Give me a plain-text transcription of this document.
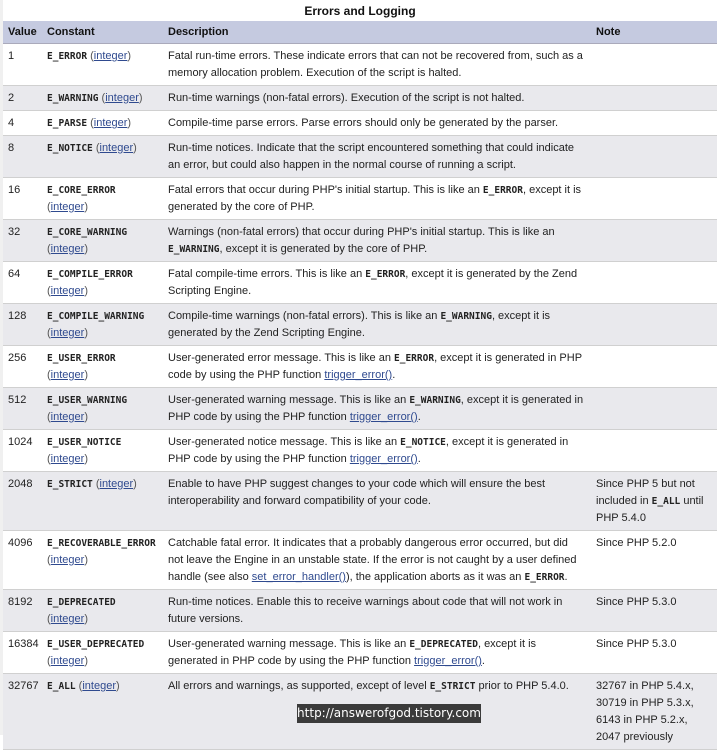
Errors and Logging
Value	Constant	Description	Note
1	E_ERROR (integer)	Fatal run-time errors. These indicate errors that can not be recovered from, such as a memory allocation problem. Execution of the script is halted.	
2	E_WARNING (integer)	Run-time warnings (non-fatal errors). Execution of the script is not halted.	
4	E_PARSE (integer)	Compile-time parse errors. Parse errors should only be generated by the parser.	
8	E_NOTICE (integer)	Run-time notices. Indicate that the script encountered something that could indicate an error, but could also happen in the normal course of running a script.	
16	E_CORE_ERROR (integer)	Fatal errors that occur during PHP's initial startup. This is like an E_ERROR, except it is generated by the core of PHP.	
32	E_CORE_WARNING (integer)	Warnings (non-fatal errors) that occur during PHP's initial startup. This is like an E_WARNING, except it is generated by the core of PHP.	
64	E_COMPILE_ERROR (integer)	Fatal compile-time errors. This is like an E_ERROR, except it is generated by the Zend Scripting Engine.	
128	E_COMPILE_WARNING (integer)	Compile-time warnings (non-fatal errors). This is like an E_WARNING, except it is generated by the Zend Scripting Engine.	
256	E_USER_ERROR (integer)	User-generated error message. This is like an E_ERROR, except it is generated in PHP code by using the PHP function trigger_error().	
512	E_USER_WARNING (integer)	User-generated warning message. This is like an E_WARNING, except it is generated in PHP code by using the PHP function trigger_error().	
1024	E_USER_NOTICE (integer)	User-generated notice message. This is like an E_NOTICE, except it is generated in PHP code by using the PHP function trigger_error().	
2048	E_STRICT (integer)	Enable to have PHP suggest changes to your code which will ensure the best interoperability and forward compatibility of your code.	Since PHP 5 but not included in E_ALL until PHP 5.4.0
4096	E_RECOVERABLE_ERROR (integer)	Catchable fatal error. It indicates that a probably dangerous error occurred, but did not leave the Engine in an unstable state. If the error is not caught by a user defined handle (see also set_error_handler()), the application aborts as it was an E_ERROR.	Since PHP 5.2.0
8192	E_DEPRECATED (integer)	Run-time notices. Enable this to receive warnings about code that will not work in future versions.	Since PHP 5.3.0
16384	E_USER_DEPRECATED (integer)	User-generated warning message. This is like an E_DEPRECATED, except it is generated in PHP code by using the PHP function trigger_error().	Since PHP 5.3.0
32767	E_ALL (integer)	All errors and warnings, as supported, except of level E_STRICT prior to PHP 5.4.0.	32767 in PHP 5.4.x, 30719 in PHP 5.3.x, 6143 in PHP 5.2.x, 2047 previously
http://answerofgod.tistory.com
